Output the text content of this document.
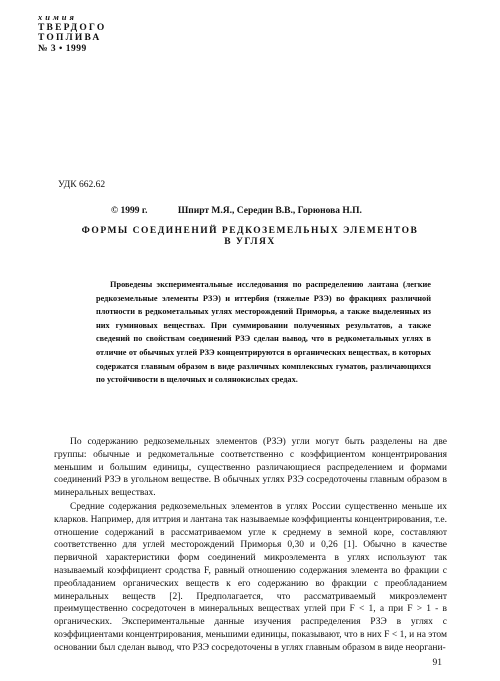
химия
ТВЕРДОГО
ТОПЛИВА
№ 3 • 1999
УДК 662.62
© 1999 г.	Шпирт М.Я., Середин В.В., Горюнова Н.П.
ФОРМЫ СОЕДИНЕНИЙ РЕДКОЗЕМЕЛЬНЫХ ЭЛЕМЕНТОВ
В УГЛЯХ

Проведены экспериментальные исследования по распределению лантана (легкие редкоземельные элементы РЗЭ) и иттербия (тяжелые РЗЭ) во фракциях различной плотности в редкометальных углях месторождений Приморья, а также выделенных из них гуминовых веществах. При суммировании полученных результатов, а также сведений по свойствам соединений РЗЭ сделан вывод, что в редкометальных углях в отличие от обычных углей РЗЭ концентрируются в органических веществах, в которых содержатся главным образом в виде различных комплексных гуматов, различающихся по устойчивости в щелочных и солянокислых средах.

По содержанию редкоземельных элементов (РЗЭ) угли могут быть разделены на две группы: обычные и редкометальные соответственно с коэффициентом концентрирования меньшим и большим единицы, существенно различающиеся распределением и формами соединений РЗЭ в угольном веществе. В обычных углях РЗЭ сосредоточены главным образом в минеральных веществах.

Средние содержания редкоземельных элементов в углях России существенно меньше их кларков. Например, для иттрия и лантана так называемые коэффициенты концентрирования, т.е. отношение содержаний в рассматриваемом угле к среднему в земной коре, составляют соответственно для углей месторождений Приморья 0,30 и 0,26 [1]. Обычно в качестве первичной характеристики форм соединений микроэлемента в углях используют так называемый коэффициент сродства F, равный отношению содержания элемента во фракции с преобладанием органических веществ к его содержанию во фракции с преобладанием минеральных веществ [2]. Предполагается, что рассматриваемый микроэлемент преимущественно сосредоточен в минеральных веществах углей при F < 1, а при F > 1 - в органических. Экспериментальные данные изучения распределения РЗЭ в углях с коэффициентами концентрирования, меньшими единицы, показывают, что в них F < 1, и на этом основании был сделан вывод, что РЗЭ сосредоточены в углях главным образом в виде неоргани-

91
